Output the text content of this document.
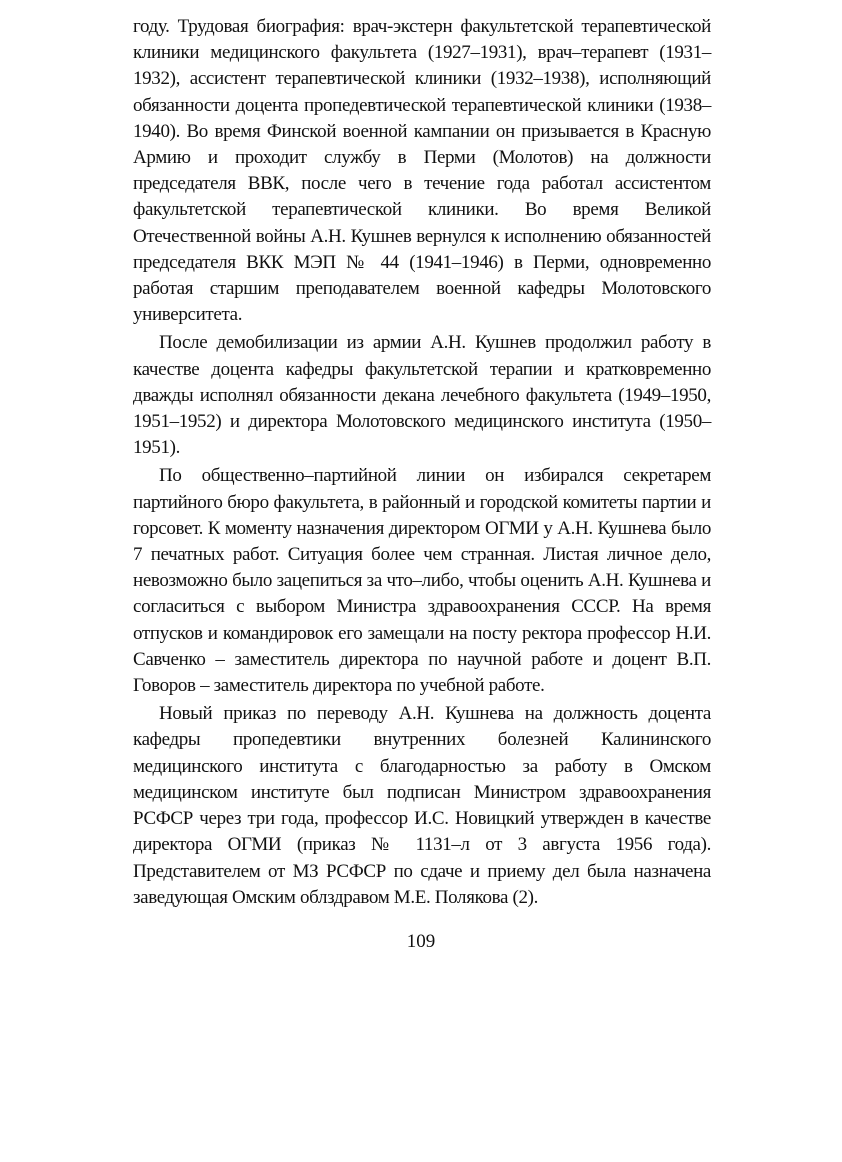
году. Трудовая биография: врач-экстерн факультетской терапевтической клиники медицинского факультета (1927–1931), врач–терапевт (1931–1932), ассистент терапевтической клиники (1932–1938), исполняющий обязанности доцента пропедевтической терапевтической клиники (1938–1940). Во время Финской военной кампании он призывается в Красную Армию и проходит службу в Перми (Молотов) на должности председателя ВВК, после чего в течение года работал ассистентом факультетской терапевтической клиники. Во время Великой Отечественной войны А.Н. Кушнев вернулся к исполнению обязанностей председателя ВКК МЭП № 44 (1941–1946) в Перми, одновременно работая старшим преподавателем военной кафедры Молотовского университета.

После демобилизации из армии А.Н. Кушнев продолжил работу в качестве доцента кафедры факультетской терапии и кратковременно дважды исполнял обязанности декана лечебного факультета (1949–1950, 1951–1952) и директора Молотовского медицинского института (1950–1951).

По общественно–партийной линии он избирался секретарем партийного бюро факультета, в районный и городской комитеты партии и горсовет. К моменту назначения директором ОГМИ у А.Н. Кушнева было 7 печатных работ. Ситуация более чем странная. Листая личное дело, невозможно было зацепиться за что–либо, чтобы оценить А.Н. Кушнева и согласиться с выбором Министра здравоохранения СССР. На время отпусков и командировок его замещали на посту ректора профессор Н.И. Савченко – заместитель директора по научной работе и доцент В.П. Говоров – заместитель директора по учебной работе.

Новый приказ по переводу А.Н. Кушнева на должность доцента кафедры пропедевтики внутренних болезней Калининского медицинского института с благодарностью за работу в Омском медицинском институте был подписан Министром здравоохранения РСФСР через три года, профессор И.С. Новицкий утвержден в качестве директора ОГМИ (приказ № 1131–л от 3 августа 1956 года). Представителем от МЗ РСФСР по сдаче и приему дел была назначена заведующая Омским облздравом М.Е. Полякова (2).

109
